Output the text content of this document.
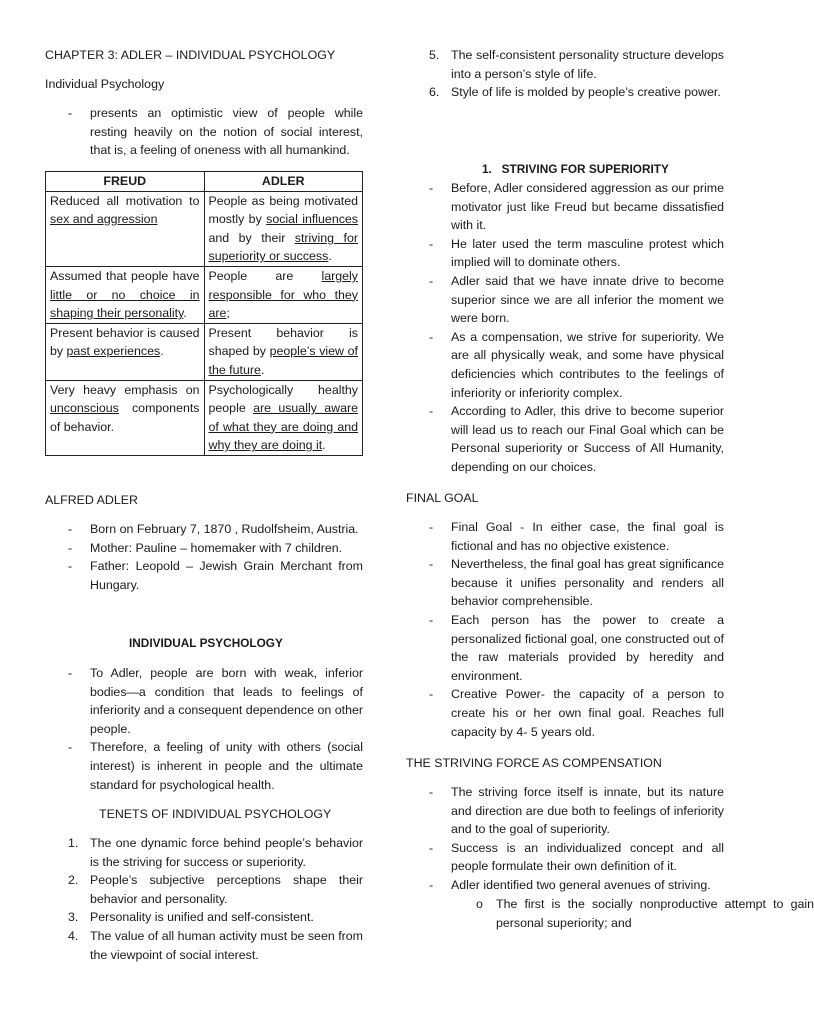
CHAPTER 3: ADLER – INDIVIDUAL PSYCHOLOGY

Individual Psychology

- presents an optimistic view of people while resting heavily on the notion of social interest, that is, a feeling of oneness with all humankind.
FREUD	ADLER
Reduced all motivation to sex and aggression	People as being motivated mostly by social influences and by their striving for superiority or success.
Assumed that people have little or no choice in shaping their personality.	People are largely responsible for who they are;
Present behavior is caused by past experiences.	Present behavior is shaped by people’s view of the future.
Very heavy emphasis on unconscious components of behavior.	Psychologically healthy people are usually aware of what they are doing and why they are doing it.

ALFRED ADLER

- Born on February 7, 1870 , Rudolfsheim, Austria.
- Mother: Pauline – homemaker with 7 children.
- Father: Leopold – Jewish Grain Merchant from Hungary.

INDIVIDUAL PSYCHOLOGY

- To Adler, people are born with weak, inferior bodies—a condition that leads to feelings of inferiority and a consequent dependence on other people.
- Therefore, a feeling of unity with others (social interest) is inherent in people and the ultimate standard for psychological health.

TENETS OF INDIVIDUAL PSYCHOLOGY

1. The one dynamic force behind people’s behavior is the striving for success or superiority.
2. People’s subjective perceptions shape their behavior and personality.
3. Personality is unified and self-consistent.
4. The value of all human activity must be seen from the viewpoint of social interest.
5. The self-consistent personality structure develops into a person’s style of life.
6. Style of life is molded by people’s creative power.

1.   STRIVING FOR SUPERIORITY

- Before, Adler considered aggression as our prime motivator just like Freud but became dissatisfied with it.
- He later used the term masculine protest which implied will to dominate others.
- Adler said that we have innate drive to become superior since we are all inferior the moment we were born.
- As a compensation, we strive for superiority. We are all physically weak, and some have physical deficiencies which contributes to the feelings of inferiority or inferiority complex.
- According to Adler, this drive to become superior will lead us to reach our Final Goal which can be Personal superiority or Success of All Humanity, depending on our choices.

FINAL GOAL

- Final Goal - In either case, the final goal is fictional and has no objective existence.
- Nevertheless, the final goal has great significance because it unifies personality and renders all behavior comprehensible.
- Each person has the power to create a personalized fictional goal, one constructed out of the raw materials provided by heredity and environment.
- Creative Power- the capacity of a person to create his or her own final goal. Reaches full capacity by 4- 5 years old.

THE STRIVING FORCE AS COMPENSATION

- The striving force itself is innate, but its nature and direction are due both to feelings of inferiority and to the goal of superiority.
- Success is an individualized concept and all people formulate their own definition of it.
- Adler identified two general avenues of striving.
o The first is the socially nonproductive attempt to gain personal superiority; and
